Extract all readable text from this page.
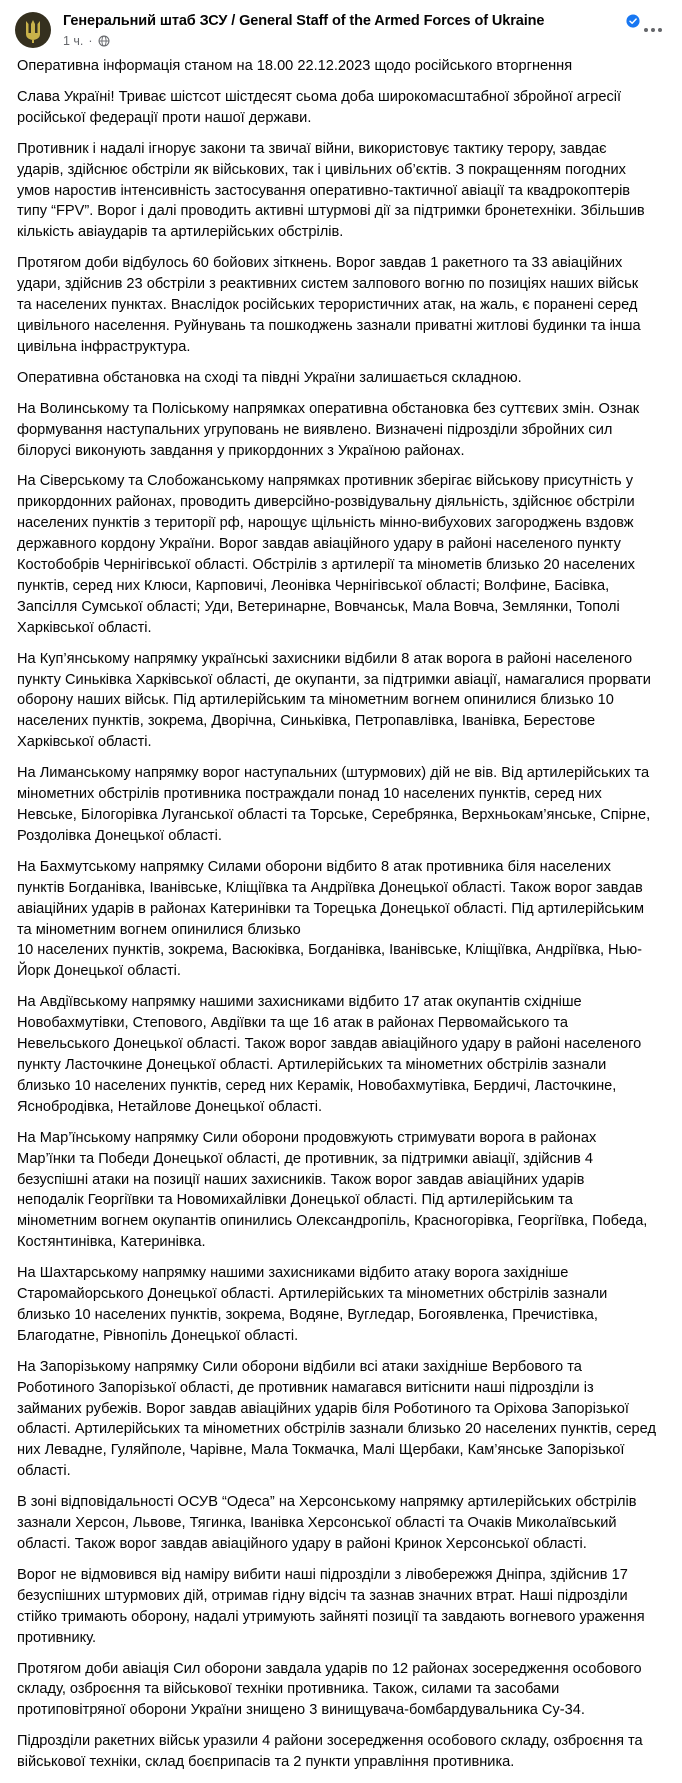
Генеральний штаб ЗСУ / General Staff of the Armed Forces of Ukraine
1 ч. ·

Оперативна інформація станом на 18.00 22.12.2023 щодо російського вторгнення

Слава Україні! Триває шістсот шістдесят сьома доба широкомасштабної збройної агресії
російської федерації проти нашої держави.

Противник і надалі ігнорує закони та звичаї війни, використовує тактику терору, завдає
ударів, здійснює обстріли як військових, так і цивільних об’єктів. З покращенням погодних
умов наростив інтенсивність застосування оперативно-тактичної авіації та квадрокоптерів
типу “FPV”. Ворог і далі проводить активні штурмові дії за підтримки бронетехніки. Збільшив
кількість авіаударів та артилерійських обстрілів.

Протягом доби відбулось 60 бойових зіткнень. Ворог завдав 1 ракетного та 33 авіаційних
удари, здійснив 23 обстріли з реактивних систем залпового вогню по позиціях наших військ
та населених пунктах. Внаслідок російських терористичних атак, на жаль, є поранені серед
цивільного населення. Руйнувань та пошкоджень зазнали приватні житлові будинки та інша
цивільна інфраструктура.

Оперативна обстановка на сході та півдні України залишається складною.

На Волинському та Поліському напрямках оперативна обстановка без суттєвих змін. Ознак
формування наступальних угруповань не виявлено. Визначені підрозділи збройних сил
білорусі виконують завдання у прикордонних з Україною районах.

На Сіверському та Слобожанському напрямках противник зберігає військову присутність у
прикордонних районах, проводить диверсійно-розвідувальну діяльність, здійснює обстріли
населених пунктів з території рф, нарощує щільність мінно-вибухових загороджень вздовж
державного кордону України. Ворог завдав авіаційного удару в районі населеного пункту
Костобобрів Чернігівської області. Обстрілів з артилерії та мінометів близько 20 населених
пунктів, серед них Клюси, Карповичі, Леонівка Чернігівської області; Волфине, Басівка,
Запсілля Сумської області; Уди, Ветеринарне, Вовчанськ, Мала Вовча, Землянки, Тополі
Харківської області.

На Куп’янському напрямку українські захисники відбили 8 атак ворога в районі населеного
пункту Синьківка Харківської області, де окупанти, за підтримки авіації, намагалися прорвати
оборону наших військ. Під артилерійським та мінометним вогнем опинилися близько 10
населених пунктів, зокрема, Дворічна, Синьківка, Петропавлівка, Іванівка, Берестове
Харківської області.

На Лиманському напрямку ворог наступальних (штурмових) дій не вів. Від артилерійських та
мінометних обстрілів противника постраждали понад 10 населених пунктів, серед них
Невське, Білогорівка Луганської області та Торське, Серебрянка, Верхньокам’янське, Спірне,
Роздолівка Донецької області.

На Бахмутському напрямку Силами оборони відбито 8 атак противника біля населених
пунктів Богданівка, Іванівське, Кліщіївка та Андріївка Донецької області. Також ворог завдав
авіаційних ударів в районах Катеринівки та Торецька Донецької області. Під артилерійським
та мінометним вогнем опинилися близько
10 населених пунктів, зокрема, Васюківка, Богданівка, Іванівське, Кліщіївка, Андріївка, Нью-
Йорк Донецької області.

На Авдіївському напрямку нашими захисниками відбито 17 атак окупантів східніше
Новобахмутівки, Степового, Авдіївки та ще 16 атак в районах Первомайського та
Невельського Донецької області. Також ворог завдав авіаційного удару в районі населеного
пункту Ласточкине Донецької області. Артилерійських та мінометних обстрілів зазнали
близько 10 населених пунктів, серед них Керамік, Новобахмутівка, Бердичі, Ласточкине,
Яснобродівка, Нетайлове Донецької області.

На Мар’їнському напрямку Сили оборони продовжують стримувати ворога в районах
Мар’їнки та Победи Донецької області, де противник, за підтримки авіації, здійснив 4
безуспішні атаки на позиції наших захисників. Також ворог завдав авіаційних ударів
неподалік Георгіївки та Новомихайлівки Донецької області. Під артилерійським та
мінометним вогнем окупантів опинились Олександропіль, Красногорівка, Георгіївка, Победа,
Костянтинівка, Катеринівка.

На Шахтарському напрямку нашими захисниками відбито атаку ворога західніше
Старомайорського Донецької області. Артилерійських та мінометних обстрілів зазнали
близько 10 населених пунктів, зокрема, Водяне, Вугледар, Богоявленка, Пречистівка,
Благодатне, Рівнопіль Донецької області.

На Запорізькому напрямку Сили оборони відбили всі атаки західніше Вербового та
Роботиного Запорізької області, де противник намагався витіснити наші підрозділи із
займаних рубежів. Ворог завдав авіаційних ударів біля Роботиного та Оріхова Запорізької
області. Артилерійських та мінометних обстрілів зазнали близько 20 населених пунктів, серед
них Левадне, Гуляйполе, Чарівне, Мала Токмачка, Малі Щербаки, Кам’янське Запорізької
області.

В зоні відповідальності ОСУВ “Одеса” на Херсонському напрямку артилерійських обстрілів
зазнали Херсон, Львове, Тягинка, Іванівка Херсонської області та Очаків Миколаївський
області. Також ворог завдав авіаційного удару в районі Кринок Херсонської області.

Ворог не відмовився від наміру вибити наші підрозділи з лівобережжя Дніпра, здійснив 17
безуспішних штурмових дій, отримав гідну відсіч та зазнав значних втрат. Наші підрозділи
стійко тримають оборону, надалі утримують зайняті позиції та завдають вогневого ураження
противнику.

Протягом доби авіація Сил оборони завдала ударів по 12 районах зосередження особового
складу, озброєння та військової техніки противника. Також, силами та засобами
протиповітряної оборони України знищено 3 винищувача-бомбардувальника Су-34.

Підрозділи ракетних військ уразили 4 райони зосередження особового складу, озброєння та
військової техніки, склад боєприпасів та 2 пункти управління противника.
